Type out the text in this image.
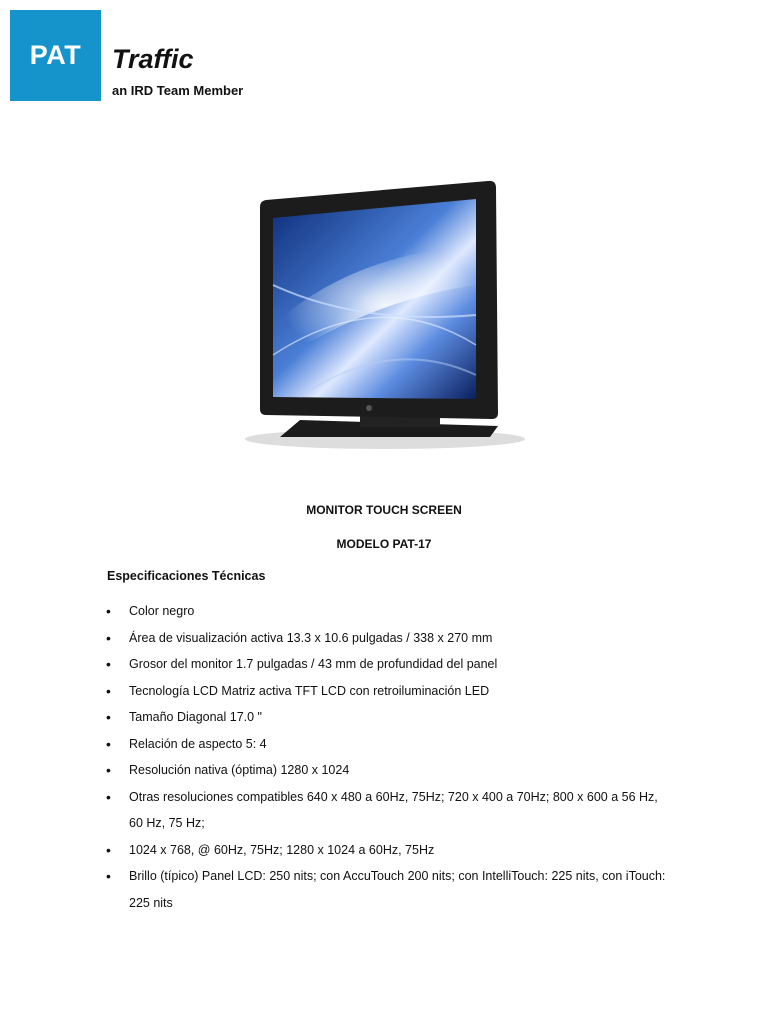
PAT Traffic
an IRD Team Member
MONITOR TOUCH SCREEN
MODELO PAT-17
Especificaciones Técnicas
• Color negro
• Área de visualización activa 13.3 x 10.6 pulgadas / 338 x 270 mm
• Grosor del monitor 1.7 pulgadas / 43 mm de profundidad del panel
• Tecnología LCD Matriz activa TFT LCD con retroiluminación LED
• Tamaño Diagonal 17.0 "
• Relación de aspecto 5: 4
• Resolución nativa (óptima) 1280 x 1024
• Otras resoluciones compatibles 640 x 480 a 60Hz, 75Hz; 720 x 400 a 70Hz; 800 x 600 a 56 Hz, 60 Hz, 75 Hz;
• 1024 x 768, @ 60Hz, 75Hz; 1280 x 1024 a 60Hz, 75Hz
• Brillo (típico) Panel LCD: 250 nits; con AccuTouch 200 nits; con IntelliTouch: 225 nits, con iTouch: 225 nits
